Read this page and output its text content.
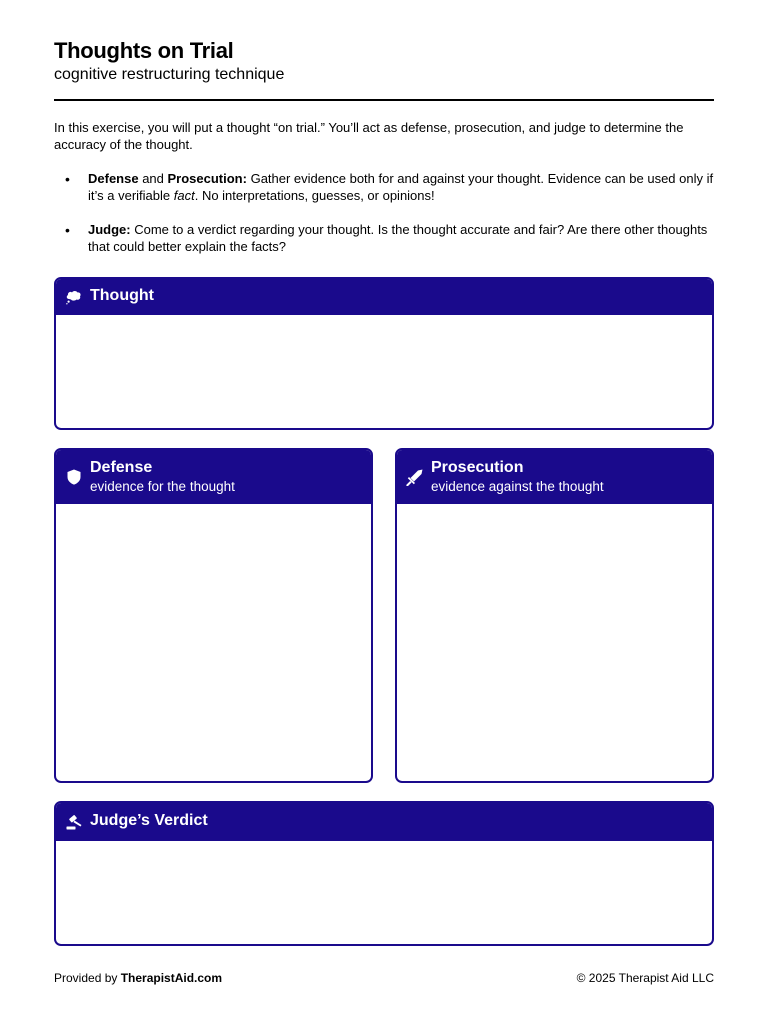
Thoughts on Trial

cognitive restructuring technique

In this exercise, you will put a thought “on trial.” You’ll act as defense, prosecution, and judge to determine the accuracy of the thought.

• Defense and Prosecution: Gather evidence both for and against your thought. Evidence can be used only if it’s a verifiable fact. No interpretations, guesses, or opinions!
• Judge: Come to a verdict regarding your thought. Is the thought accurate and fair? Are there other thoughts that could better explain the facts?
Thought
Defense
evidence for the thought
Prosecution
evidence against the thought
Judge’s Verdict
Provided by TherapistAid.com	© 2025 Therapist Aid LLC
